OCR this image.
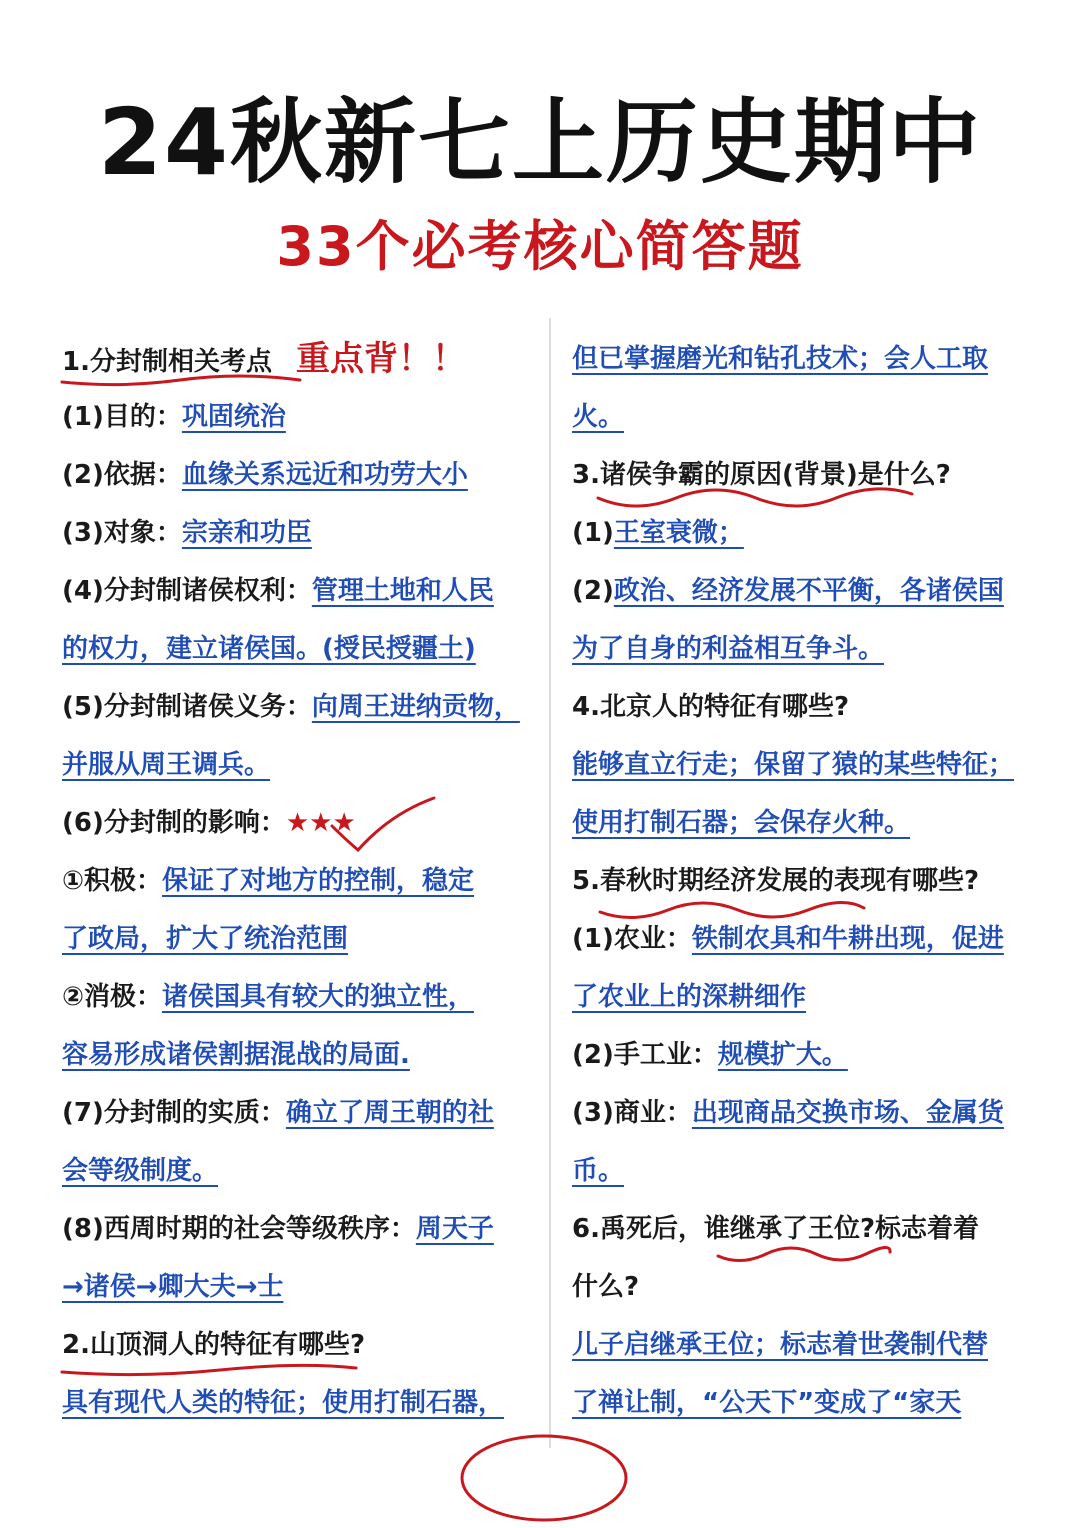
24秋新七上历史期中
33个必考核心简答题
1.分封制相关考点 重点背！！
(1)目的：巩固统治
(2)依据：血缘关系远近和功劳大小
(3)对象：宗亲和功臣
(4)分封制诸侯权利：管理土地和人民
的权力，建立诸侯国。(授民授疆土)
(5)分封制诸侯义务：向周王进纳贡物，
并服从周王调兵。
(6)分封制的影响：★★★
①积极：保证了对地方的控制，稳定
了政局，扩大了统治范围
②消极：诸侯国具有较大的独立性，
容易形成诸侯割据混战的局面.
(7)分封制的实质：确立了周王朝的社
会等级制度。
(8)西周时期的社会等级秩序：周天子
→诸侯→卿大夫→士
2.山顶洞人的特征有哪些?
具有现代人类的特征；使用打制石器，
但已掌握磨光和钻孔技术；会人工取
火。
3.诸侯争霸的原因(背景)是什么?
(1)王室衰微；
(2)政治、经济发展不平衡，各诸侯国
为了自身的利益相互争斗。
4.北京人的特征有哪些?
能够直立行走；保留了猿的某些特征；
使用打制石器；会保存火种。
5.春秋时期经济发展的表现有哪些?
(1)农业：铁制农具和牛耕出现，促进
了农业上的深耕细作
(2)手工业：规模扩大。
(3)商业：出现商品交换市场、金属货
币。
6.禹死后，谁继承了王位?标志着着
什么?
儿子启继承王位；标志着世袭制代替
了禅让制，“公天下”变成了“家天
